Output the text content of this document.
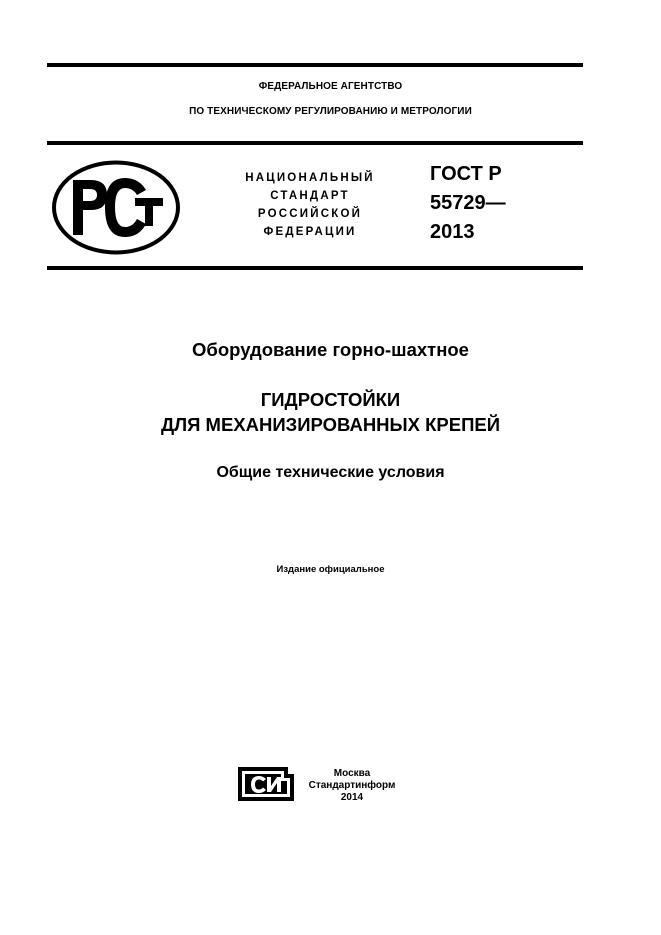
ФЕДЕРАЛЬНОЕ АГЕНТСТВО
ПО ТЕХНИЧЕСКОМУ РЕГУЛИРОВАНИЮ И МЕТРОЛОГИИ
НАЦИОНАЛЬНЫЙ
СТАНДАРТ
РОССИЙСКОЙ
ФЕДЕРАЦИИ
ГОСТ Р
55729—
2013
Оборудование горно-шахтное
ГИДРОСТОЙКИ
ДЛЯ МЕХАНИЗИРОВАННЫХ КРЕПЕЙ
Общие технические условия
Издание официальное
Москва
Стандартинформ
2014
